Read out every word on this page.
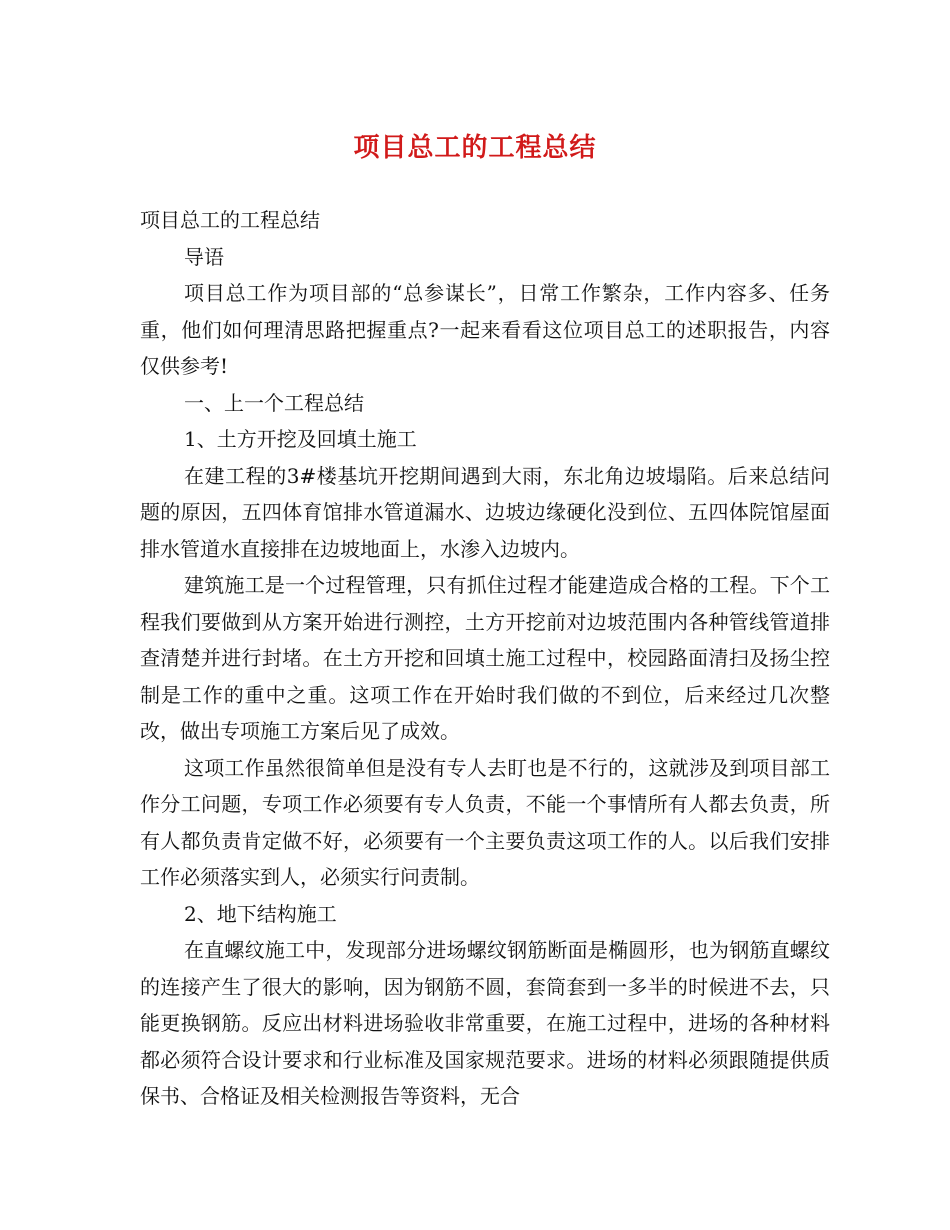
项目总工的工程总结

项目总工的工程总结

导语

项目总工作为项目部的“总参谋长”，日常工作繁杂，工作内容多、任务重，他们如何理清思路把握重点?一起来看看这位项目总工的述职报告，内容仅供参考!

一、上一个工程总结

1、土方开挖及回填土施工

在建工程的3#楼基坑开挖期间遇到大雨，东北角边坡塌陷。后来总结问题的原因，五四体育馆排水管道漏水、边坡边缘硬化没到位、五四体院馆屋面排水管道水直接排在边坡地面上，水渗入边坡内。

建筑施工是一个过程管理，只有抓住过程才能建造成合格的工程。下个工程我们要做到从方案开始进行测控，土方开挖前对边坡范围内各种管线管道排查清楚并进行封堵。在土方开挖和回填土施工过程中，校园路面清扫及扬尘控制是工作的重中之重。这项工作在开始时我们做的不到位，后来经过几次整改，做出专项施工方案后见了成效。

这项工作虽然很简单但是没有专人去盯也是不行的，这就涉及到项目部工作分工问题，专项工作必须要有专人负责，不能一个事情所有人都去负责，所有人都负责肯定做不好，必须要有一个主要负责这项工作的人。以后我们安排工作必须落实到人，必须实行问责制。

2、地下结构施工

在直螺纹施工中，发现部分进场螺纹钢筋断面是椭圆形，也为钢筋直螺纹的连接产生了很大的影响，因为钢筋不圆，套筒套到一多半的时候进不去，只能更换钢筋。反应出材料进场验收非常重要，在施工过程中，进场的各种材料都必须符合设计要求和行业标准及国家规范要求。进场的材料必须跟随提供质保书、合格证及相关检测报告等资料，无合
